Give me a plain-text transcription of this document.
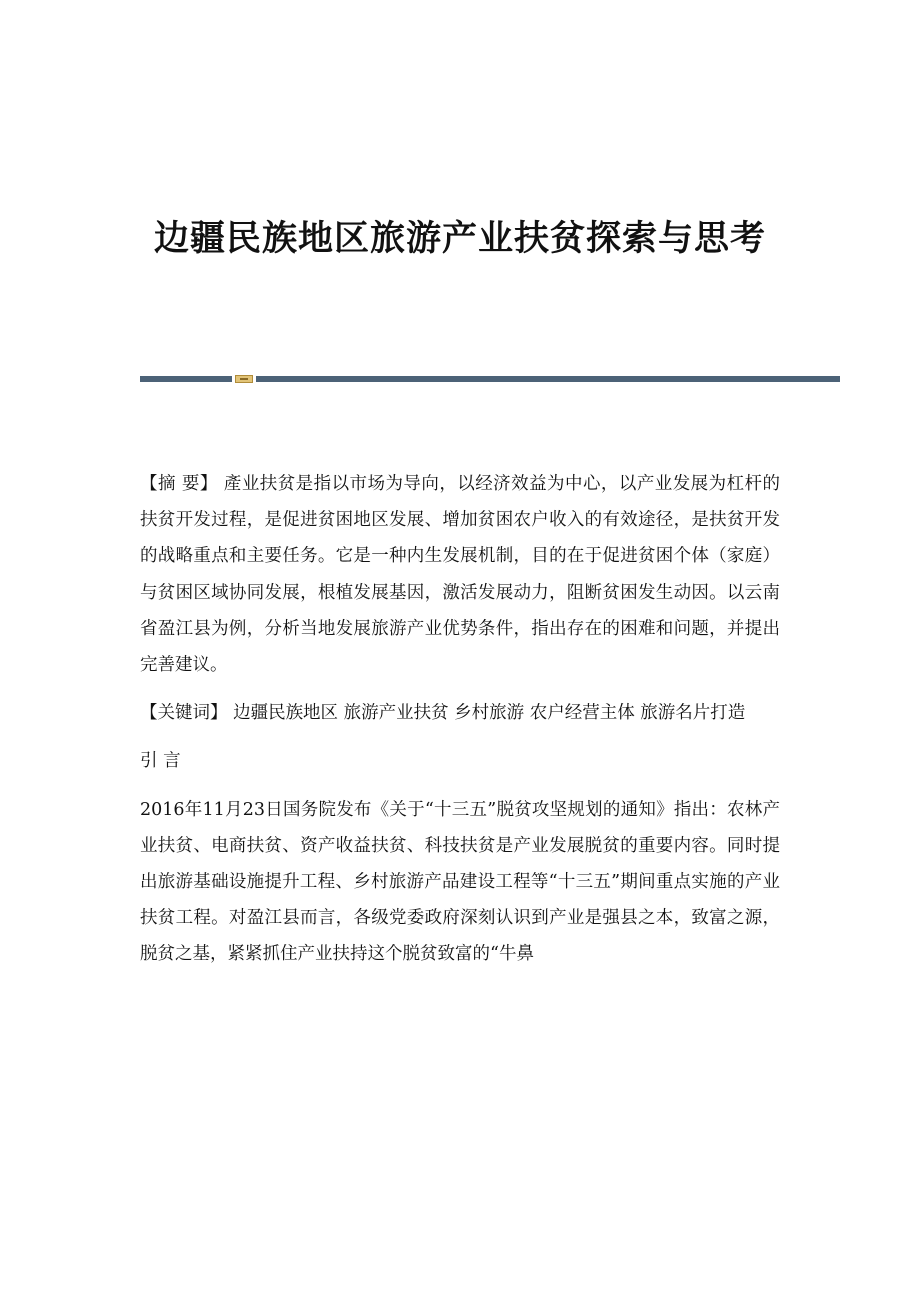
边疆民族地区旅游产业扶贫探索与思考

【摘 要】 產业扶贫是指以市场为导向，以经济效益为中心，以产业发展为杠杆的扶贫开发过程，是促进贫困地区发展、增加贫困农户收入的有效途径，是扶贫开发的战略重点和主要任务。它是一种内生发展机制，目的在于促进贫困个体（家庭）与贫困区域协同发展，根植发展基因，激活发展动力，阻断贫困发生动因。以云南省盈江县为例，分析当地发展旅游产业优势条件，指出存在的困难和问题，并提出完善建议。

【关键词】 边疆民族地区 旅游产业扶贫 乡村旅游 农户经营主体 旅游名片打造

引 言

2016年11月23日国务院发布《关于“十三五”脱贫攻坚规划的通知》指出：农林产业扶贫、电商扶贫、资产收益扶贫、科技扶贫是产业发展脱贫的重要内容。同时提出旅游基础设施提升工程、乡村旅游产品建设工程等“十三五”期间重点实施的产业扶贫工程。对盈江县而言，各级党委政府深刻认识到产业是强县之本，致富之源，脱贫之基，紧紧抓住产业扶持这个脱贫致富的“牛鼻
